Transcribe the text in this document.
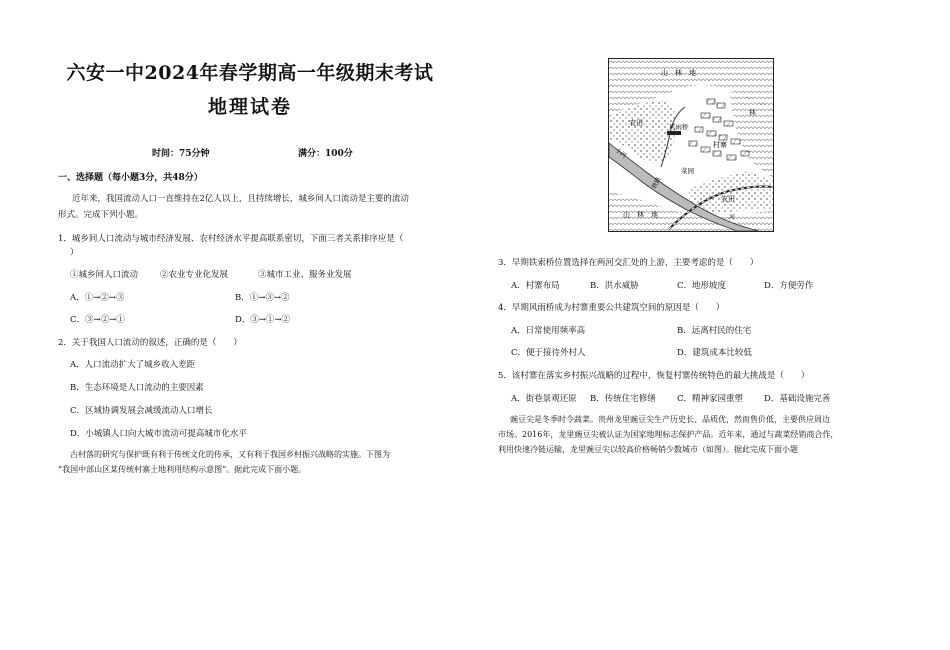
六安一中2024年春学期高一年级期末考试
地理试卷
时间：75分钟	满分：100分
一、选择题（每小题3分，共48分）
近年来，我国流动人口一直维持在2亿人以上，且持续增长，城乡间人口流动是主要的流动
形式。完成下列小题。
1．城乡间人口流动与城市经济发展、农村经济水平提高联系密切，下面三者关系排序应是（
）
①城乡间人口流动	②农业专业化发展	③城市工业、服务业发展
A．①→②→③	B．①→③→②
C．③→②→①	D．③→①→②
2．关于我国人口流动的叙述，正确的是（　　）
A．人口流动扩大了城乡收入差距
B．生态环境是人口流动的主要因素
C．区域协调发展会减缓流动人口增长
D．小城镇人口向大城市流动可提高城市化水平
古村落的研究与保护既有利于传统文化的传承，又有利于我国乡村振兴战略的实施。下图为
“我国中部山区某传统村寨土地利用结构示意图”。据此完成下面小题。
山　林　地
农田	风雨桥
村寨
林
菜园
农田
山　林　地
小河
河
铁路
3．早期铁索桥位置选择在两河交汇处的上游，主要考虑的是（　　）
A．村寨布局	B．洪水威胁	C．地形坡度	D．方便劳作
4．早期风雨桥成为村寨重要公共建筑空间的原因是（　　）
A．日常使用频率高	B．远离村民的住宅
C．便于接待外村人	D．建筑成本比较低
5．该村寨在落实乡村振兴战略的过程中，恢复村寨传统特色的最大挑战是（　　）
A．街巷景观还原 B．传统住宅修缮	C．精神家园重塑 D．基础设施完善
豌豆尖是冬季时令蔬菜。贵州龙里豌豆尖生产历史长、品质优，然而售价低，主要供应周边
市场。2016年，龙里豌豆尖被认证为国家地理标志保护产品。近年来，通过与蔬菜经销商合作，
利用快速冷链运输，龙里豌豆尖以较高价格畅销少数城市（如图）。据此完成下面小题
